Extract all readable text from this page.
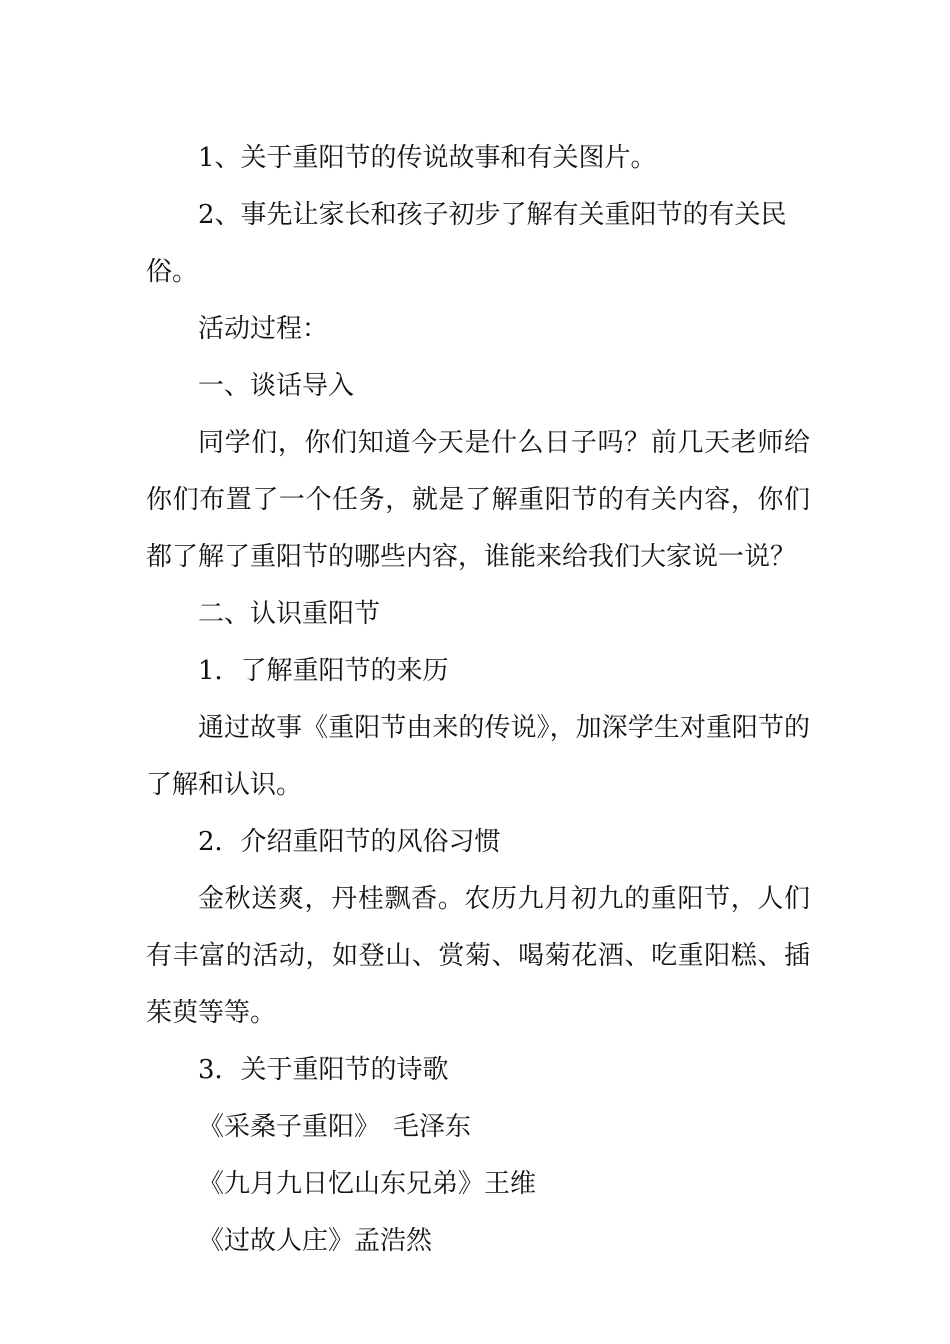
1、关于重阳节的传说故事和有关图片。

2、事先让家长和孩子初步了解有关重阳节的有关民俗。

活动过程：

一、谈话导入

同学们，你们知道今天是什么日子吗？前几天老师给你们布置了一个任务，就是了解重阳节的有关内容，你们都了解了重阳节的哪些内容，谁能来给我们大家说一说？

二、认识重阳节

1．了解重阳节的来历

通过故事《重阳节由来的传说》，加深学生对重阳节的了解和认识。

2．介绍重阳节的风俗习惯

金秋送爽，丹桂飘香。农历九月初九的重阳节，人们有丰富的活动，如登山、赏菊、喝菊花酒、吃重阳糕、插茱萸等等。

3．关于重阳节的诗歌

《采桑子重阳》　毛泽东

《九月九日忆山东兄弟》王维

《过故人庄》孟浩然
